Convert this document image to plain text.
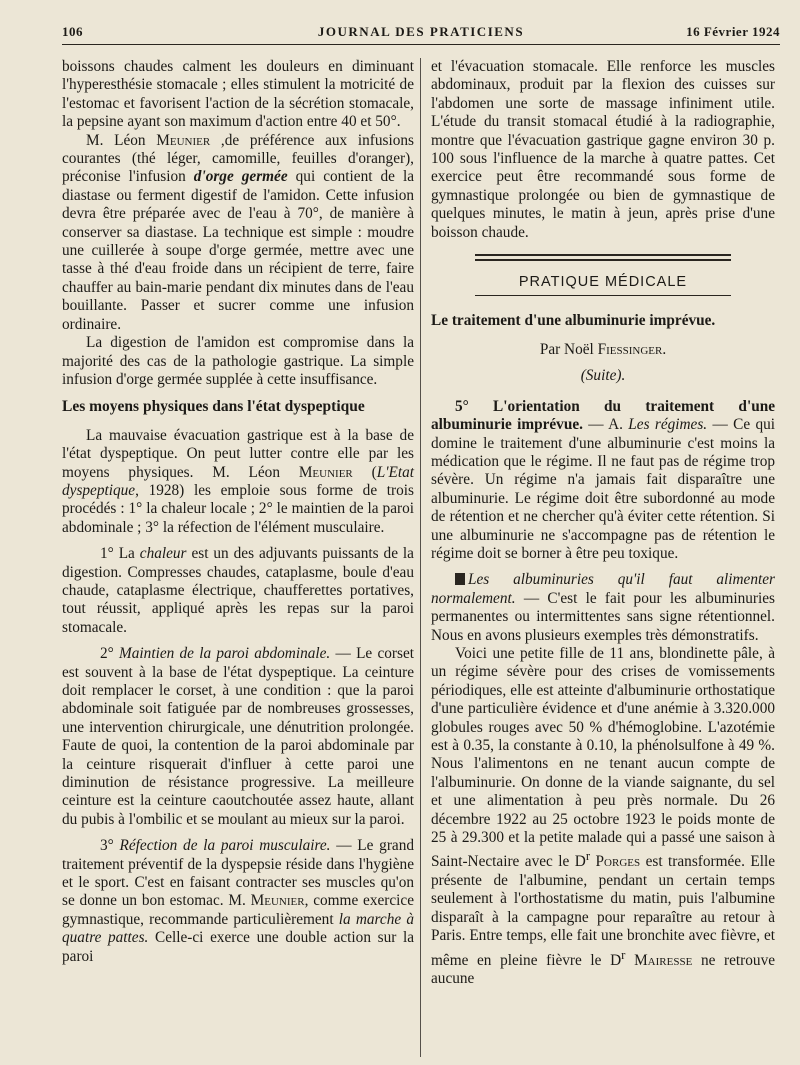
106	JOURNAL DES PRATICIENS	16 Février 1924

boissons chaudes calment les douleurs en diminuant l'hyperesthésie stomacale ; elles stimulent la motricité de l'estomac et favorisent l'action de la sécrétion stomacale, la pepsine ayant son maximum d'action entre 40 et 50°.

M. Léon Meunier ,de préférence aux infusions courantes (thé léger, camomille, feuilles d'oranger), préconise l'infusion d'orge germée qui contient de la diastase ou ferment digestif de l'amidon. Cette infusion devra être préparée avec de l'eau à 70°, de manière à conserver sa diastase. La technique est simple : moudre une cuillerée à soupe d'orge germée, mettre avec une tasse à thé d'eau froide dans un récipient de terre, faire chauffer au bain-marie pendant dix minutes dans de l'eau bouillante. Passer et sucrer comme une infusion ordinaire.

La digestion de l'amidon est compromise dans la majorité des cas de la pathologie gastrique. La simple infusion d'orge germée supplée à cette insuffisance.

Les moyens physiques dans l'état dyspeptique

La mauvaise évacuation gastrique est à la base de l'état dyspeptique. On peut lutter contre elle par les moyens physiques. M. Léon Meunier (L'Etat dyspeptique, 1928) les emploie sous forme de trois procédés : 1° la chaleur locale ; 2° le maintien de la paroi abdominale ; 3° la réfection de l'élément musculaire.

1° La chaleur est un des adjuvants puissants de la digestion. Compresses chaudes, cataplasme, boule d'eau chaude, cataplasme électrique, chaufferettes portatives, tout réussit, appliqué après les repas sur la paroi stomacale.

2° Maintien de la paroi abdominale. — Le corset est souvent à la base de l'état dyspeptique. La ceinture doit remplacer le corset, à une condition : que la paroi abdominale soit fatiguée par de nombreuses grossesses, une intervention chirurgicale, une dénutrition prolongée. Faute de quoi, la contention de la paroi abdominale par la ceinture risquerait d'influer à cette paroi une diminution de résistance progressive. La meilleure ceinture est la ceinture caoutchoutée assez haute, allant du pubis à l'ombilic et se moulant au mieux sur la paroi.

3° Réfection de la paroi musculaire. — Le grand traitement préventif de la dyspepsie réside dans l'hygiène et le sport. C'est en faisant contracter ses muscles qu'on se donne un bon estomac. M. Meunier, comme exercice gymnastique, recommande particulièrement la marche à quatre pattes. Celle-ci exerce une double action sur la paroi

et l'évacuation stomacale. Elle renforce les muscles abdominaux, produit par la flexion des cuisses sur l'abdomen une sorte de massage infiniment utile. L'étude du transit stomacal étudié à la radiographie, montre que l'évacuation gastrique gagne environ 30 p. 100 sous l'influence de la marche à quatre pattes. Cet exercice peut être recommandé sous forme de gymnastique prolongée ou bien de gymnastique de quelques minutes, le matin à jeun, après prise d'une boisson chaude.

PRATIQUE MÉDICALE

Le traitement d'une albuminurie imprévue.

Par Noël Fiessinger.

(Suite).

5° L'orientation du traitement d'une albuminurie imprévue. — A. Les régimes. — Ce qui domine le traitement d'une albuminurie c'est moins la médication que le régime. Il ne faut pas de régime trop sévère. Un régime n'a jamais fait disparaître une albuminurie. Le régime doit être subordonné au mode de rétention et ne chercher qu'à éviter cette rétention. Si une albuminurie ne s'accompagne pas de rétention le régime doit se borner à être peu toxique.

Les albuminuries qu'il faut alimenter normalement. — C'est le fait pour les albuminuries permanentes ou intermittentes sans signe rétentionnel. Nous en avons plusieurs exemples très démonstratifs.

Voici une petite fille de 11 ans, blondinette pâle, à un régime sévère pour des crises de vomissements périodiques, elle est atteinte d'albuminurie orthostatique d'une particulière évidence et d'une anémie à 3.320.000 globules rouges avec 50 % d'hémoglobine. L'azotémie est à 0.35, la constante à 0.10, la phénolsulfone à 49 %. Nous l'alimentons en ne tenant aucun compte de l'albuminurie. On donne de la viande saignante, du sel et une alimentation à peu près normale. Du 26 décembre 1922 au 25 octobre 1923 le poids monte de 25 à 29.300 et la petite malade qui a passé une saison à Saint-Nectaire avec le $D^r$ Porges est transformée. Elle présente de l'albumine, pendant un certain temps seulement à l'orthostatisme du matin, puis l'albumine disparaît à la campagne pour reparaître au retour à Paris. Entre temps, elle fait une bronchite avec fièvre, et même en pleine fièvre le $D^r$ Mairesse ne retrouve aucune
